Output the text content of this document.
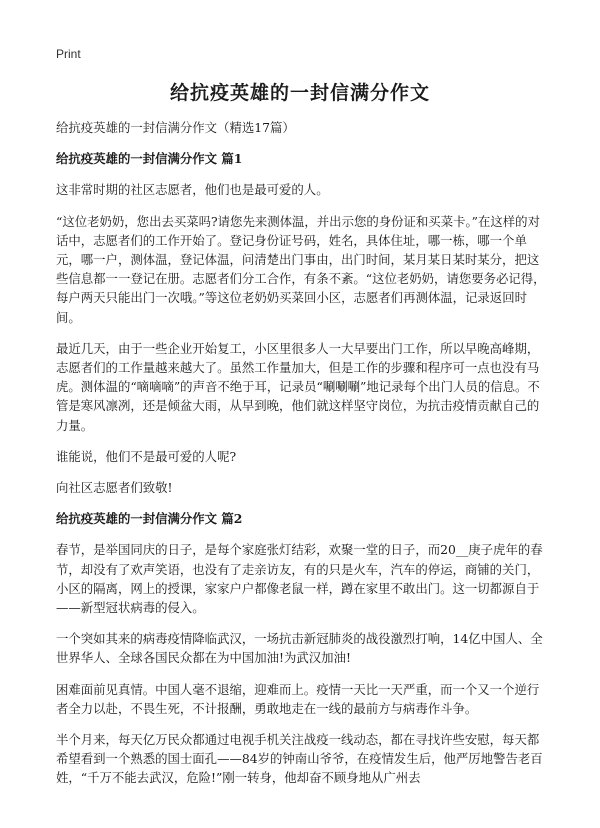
Print
给抗疫英雄的一封信满分作文
给抗疫英雄的一封信满分作文（精选17篇）
给抗疫英雄的一封信满分作文 篇1
这非常时期的社区志愿者，他们也是最可爱的人。
“这位老奶奶，您出去买菜吗?请您先来测体温，并出示您的身份证和买菜卡。”在这样的对话中，志愿者们的工作开始了。登记身份证号码，姓名，具体住址，哪一栋，哪一个单元，哪一户，测体温，登记体温，问清楚出门事由，出门时间，某月某日某时某分，把这些信息都一一登记在册。志愿者们分工合作，有条不紊。“这位老奶奶，请您要务必记得，每户两天只能出门一次哦。”等这位老奶奶买菜回小区，志愿者们再测体温，记录返回时间。
最近几天，由于一些企业开始复工，小区里很多人一大早要出门工作，所以早晚高峰期，志愿者们的工作量越来越大了。虽然工作量加大，但是工作的步骤和程序可一点也没有马虎。测体温的“嘀嘀嘀”的声音不绝于耳，记录员“唰唰唰”地记录每个出门人员的信息。不管是寒风凛冽，还是倾盆大雨，从早到晚，他们就这样坚守岗位，为抗击疫情贡献自己的力量。
谁能说，他们不是最可爱的人呢?
向社区志愿者们致敬!
给抗疫英雄的一封信满分作文 篇2
春节，是举国同庆的日子，是每个家庭张灯结彩，欢聚一堂的日子，而20__庚子虎年的春节，却没有了欢声笑语，也没有了走亲访友，有的只是火车，汽车的停运，商铺的关门，小区的隔离，网上的授课，家家户户都像老鼠一样，蹲在家里不敢出门。这一切都源自于——新型冠状病毒的侵入。
一个突如其来的病毒疫情降临武汉，一场抗击新冠肺炎的战役激烈打响，14亿中国人、全世界华人、全球各国民众都在为中国加油!为武汉加油!
困难面前见真情。中国人毫不退缩，迎难而上。疫情一天比一天严重，而一个又一个逆行者全力以赴，不畏生死，不计报酬，勇敢地走在一线的最前方与病毒作斗争。
半个月来，每天亿万民众都通过电视手机关注战疫一线动态，都在寻找许些安慰，每天都希望看到一个熟悉的国士面孔——84岁的钟南山爷爷，在疫情发生后，他严厉地警告老百姓，“千万不能去武汉，危险!”刚一转身，他却奋不顾身地从广州去
